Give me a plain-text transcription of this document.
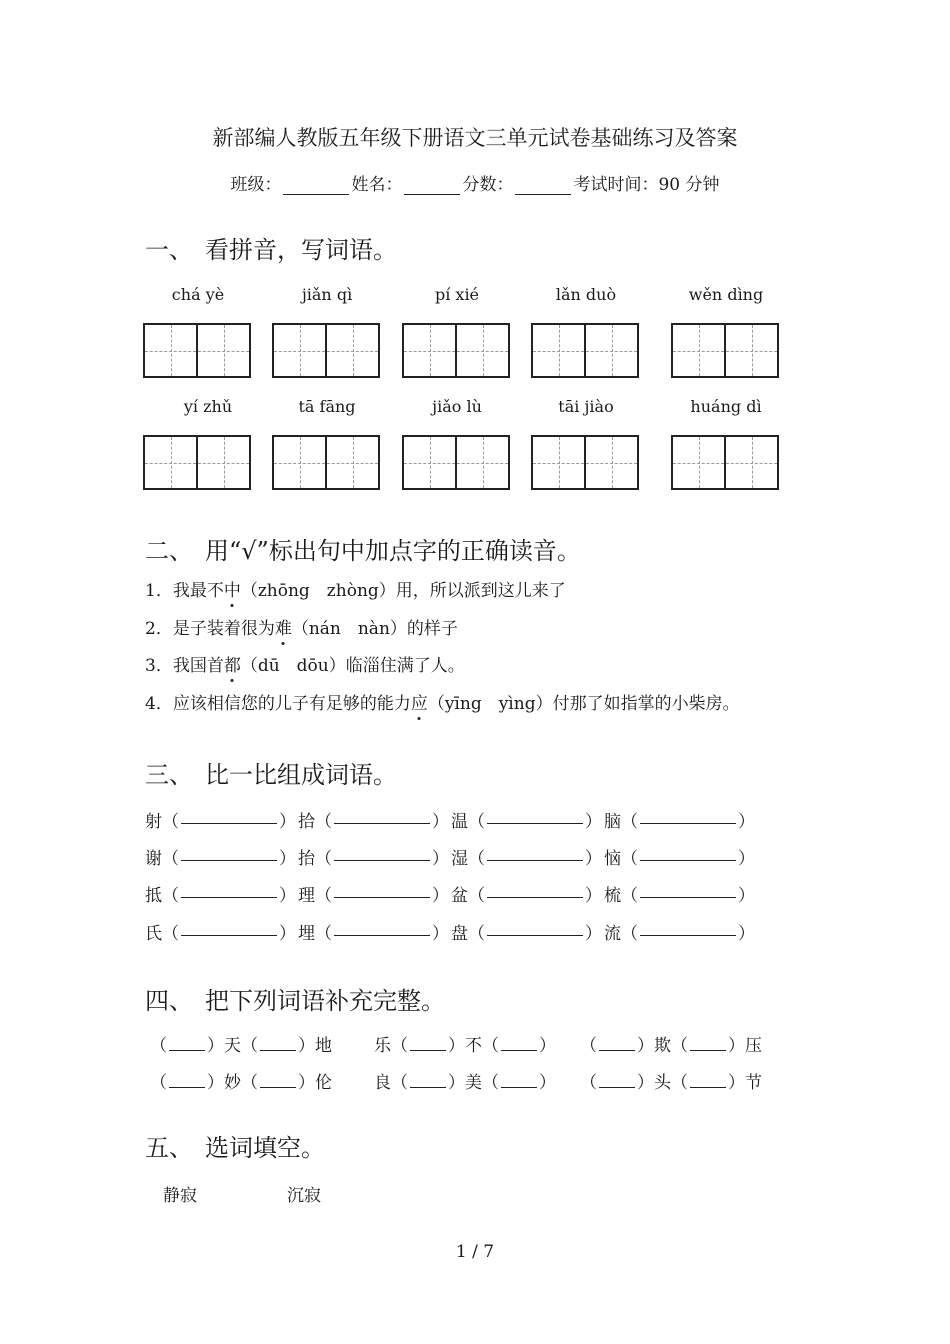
新部编人教版五年级下册语文三单元试卷基础练习及答案
班级：	姓名：	分数：	考试时间：90 分钟
一、　看拼音，写词语。
chá yè	jiǎn qì	pí xié	lǎn duò	wěn dìng
yí zhǔ	tā fāng	jiǎo lù	tāi jiào	huáng dì
二、　用“√”标出句中加点字的正确读音。
1．我最不中（zhōng　zhòng）用，所以派到这儿来了
2．是子装着很为难（nán　nàn）的样子
3．我国首都（dū　dōu）临淄住满了人。
4．应该相信您的儿子有足够的能力应（yīng　yìng）付那了如指掌的小柴房。
三、　比一比组成词语。
射 （	） 拾 （	） 温 （	） 脑 （	）
谢 （	） 抬 （	） 湿 （	） 恼 （	）
抵 （	） 理 （	） 盆 （	） 梳 （	）
氏 （	） 埋 （	） 盘 （	） 流 （	）
四、　把下列词语补充完整。
（ ）天（ ）地 乐（ ）不（ ） （ ）欺（ ）压
（ ）妙（ ）伦 良（ ）美（ ） （ ）头（ ）节
五、　选词填空。
静寂	沉寂
1 / 7
